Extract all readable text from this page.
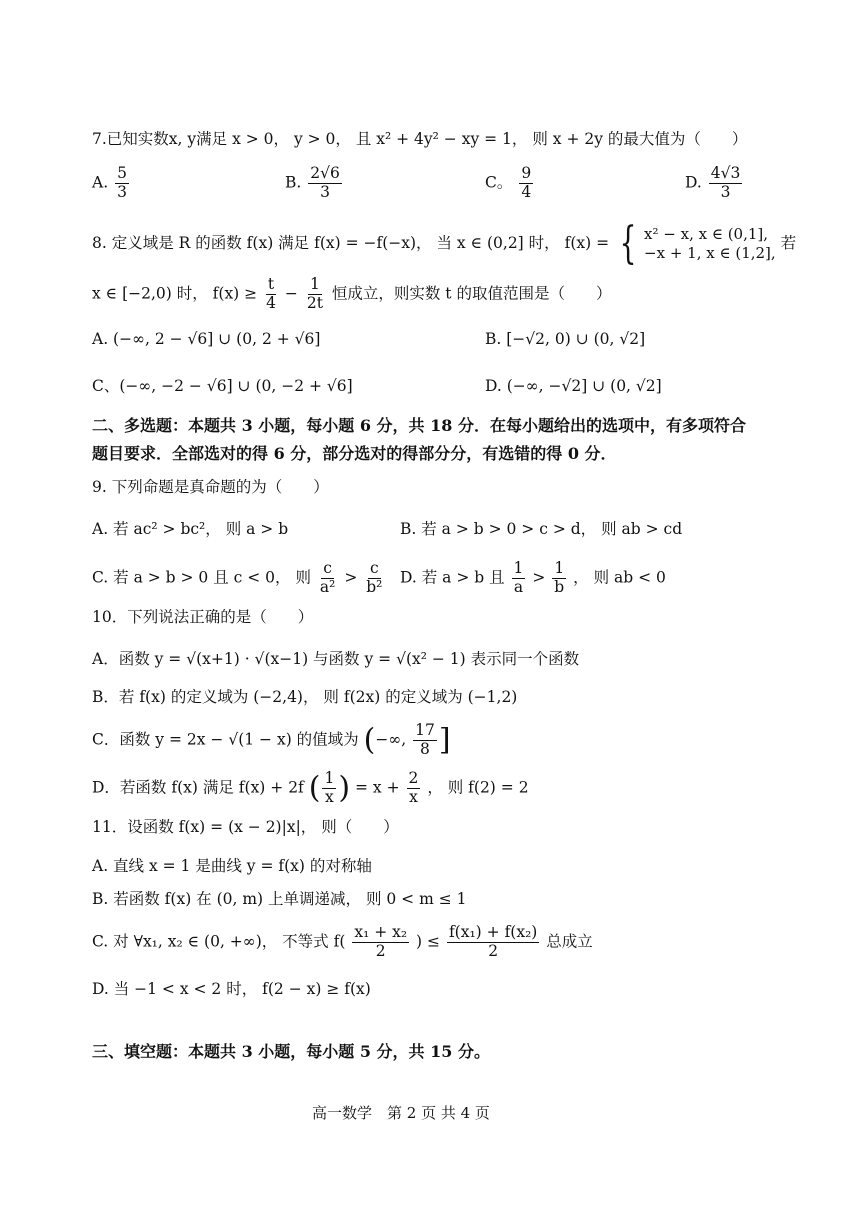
7.已知实数x, y满足 x > 0， y > 0， 且 x² + 4y² − xy = 1， 则 x + 2y 的最大值为（　　）
A. $\frac{5}{3}$	B. $\frac{2√6}{3}$	C。 $\frac{9}{4}$	D. $\frac{4√3}{3}$
8. 定义域是 R 的函数 f(x) 满足 f(x) = −f(−x)， 当 x ∈ (0,2] 时， f(x) = { x² − x, x ∈ (0,1],
−x + 1, x ∈ (1,2],
若
x ∈ [−2,0) 时， $f(x) \ge \frac{t}{4} - \frac{1}{2t}$ 恒成立，则实数 t 的取值范围是（　　）
A. (−∞, 2 − √6] ∪ (0, 2 + √6]	B. [−√2, 0) ∪ (0, √2]
C、(−∞, −2 − √6] ∪ (0, −2 + √6]	D. (−∞, −√2] ∪ (0, √2]
二、多选题：本题共 3 小题，每小题 6 分，共 18 分．在每小题给出的选项中，有多项符合
题目要求．全部选对的得 6 分，部分选对的得部分分，有选错的得 0 分．
9. 下列命题是真命题的为（　　）
A. 若 ac² > bc²， 则 a > b	B. 若 a > b > 0 > c > d， 则 ab > cd
C. 若 a > b > 0 且 c < 0， 则 $\frac{c}{\text{a²}} > \frac{c}{\text{b²}} D$. 若 a > b 且 $\frac{1}{a} > \frac{1}{b}$ ， 则 ab < 0
10．下列说法正确的是（　　）
A．函数 y = √(x+1) · √(x−1) 与函数 y = √(x² − 1) 表示同一个函数
B．若 f(x) 的定义域为 (−2,4)， 则 f(2x) 的定义域为 (−1,2)
C．函数 y = 2x − √(1 − x) 的值域为 (−∞, $\frac{17}{8}$ ]
D．若函数 f(x) 满足 f(x) + 2f ( $\frac{1}{x}$ ) = $x + \frac{2}{x}$ ， 则 f(2) = 2
11．设函数 f(x) = (x − 2)|x|， 则（　　）
A. 直线 x = 1 是曲线 y = f(x) 的对称轴
B. 若函数 f(x) 在 (0, m) 上单调递减， 则 0 < m ≤ 1
C. 对 ∀x₁, x₂ ∈ (0, +∞)， 不等式 $f( \frac{\text{x₁ + x₂}}{2}$ ) ≤ $\frac{\text{f(x₁) + f(x₂)}}{2}$ 总成立
D. 当 −1 < x < 2 时， f(2 − x) ≥ f(x)
三、填空题：本题共 3 小题，每小题 5 分，共 15 分。
高一数学　第 2 页 共 4 页
